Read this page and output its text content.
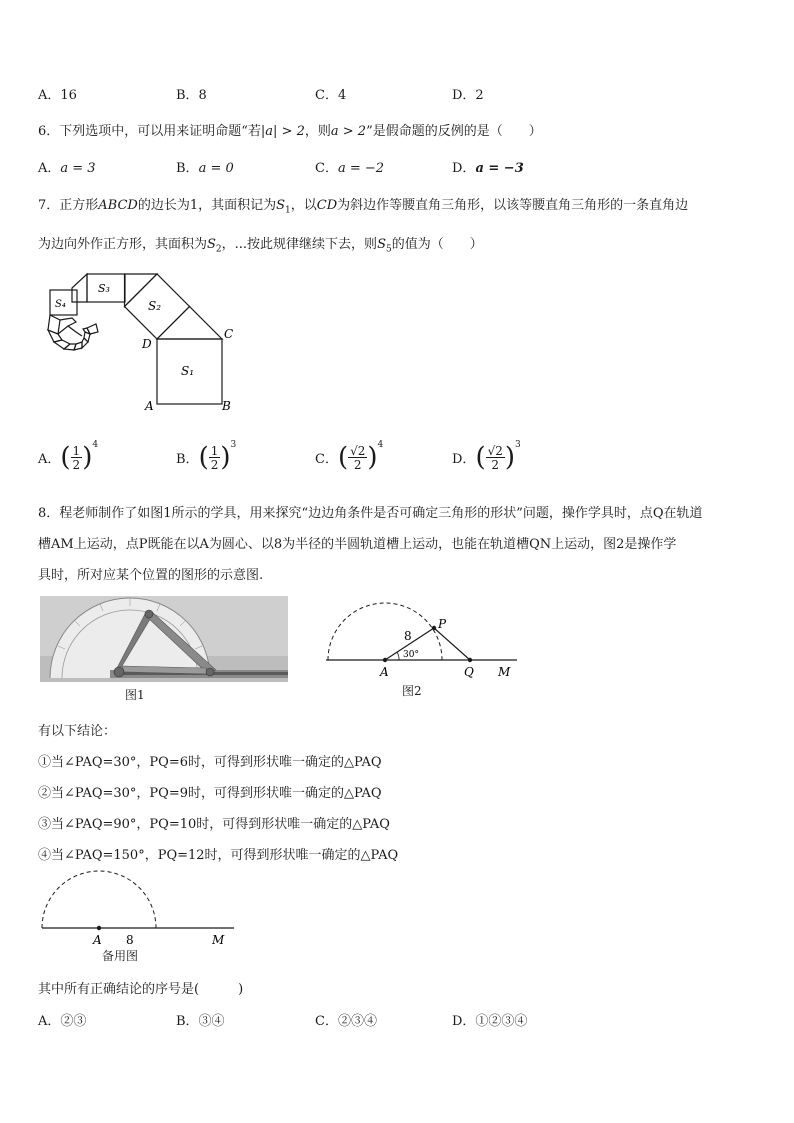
A．16	B．8	C．4	D．2
6．下列选项中，可以用来证明命题“若|a| > 2，则a > 2”是假命题的反例的是（　　）
A．a = 3	B．a = 0	C．a = −2	D．a = −3
7．正方形ABCD的边长为1，其面积记为$S_1$，以CD为斜边作等腰直角三角形，以该等腰直角三角形的一条直角边
为边向外作正方形，其面积为$S_2$，...按此规律继续下去，则$S_5$的值为（　　）
S₁
S₂
S₃
S₄
A	B
C
D
A．( $\frac{1}{2} )^4$
B．( $\frac{1}{2} )^3$
C．( $\frac{√2}{2} )^4$
D．( $\frac{√2}{2} )^3$
8．程老师制作了如图1所示的学具，用来探究“边边角条件是否可确定三角形的形状”问题，操作学具时，点Q在轨道
槽AM上运动，点P既能在以A为圆心、以8为半径的半圆轨道槽上运动，也能在轨道槽QN上运动，图2是操作学
具时，所对应某个位置的图形的示意图.
图1
8
30°
P
A	Q M
图2
有以下结论：
①当∠PAQ=30°，PQ=6时，可得到形状唯一确定的△PAQ
②当∠PAQ=30°，PQ=9时，可得到形状唯一确定的△PAQ
③当∠PAQ=90°，PQ=10时，可得到形状唯一确定的△PAQ
④当∠PAQ=150°，PQ=12时，可得到形状唯一确定的△PAQ
A 8	M
备用图
其中所有正确结论的序号是(　　　)
A．②③	B．③④	C．②③④	D．①②③④
